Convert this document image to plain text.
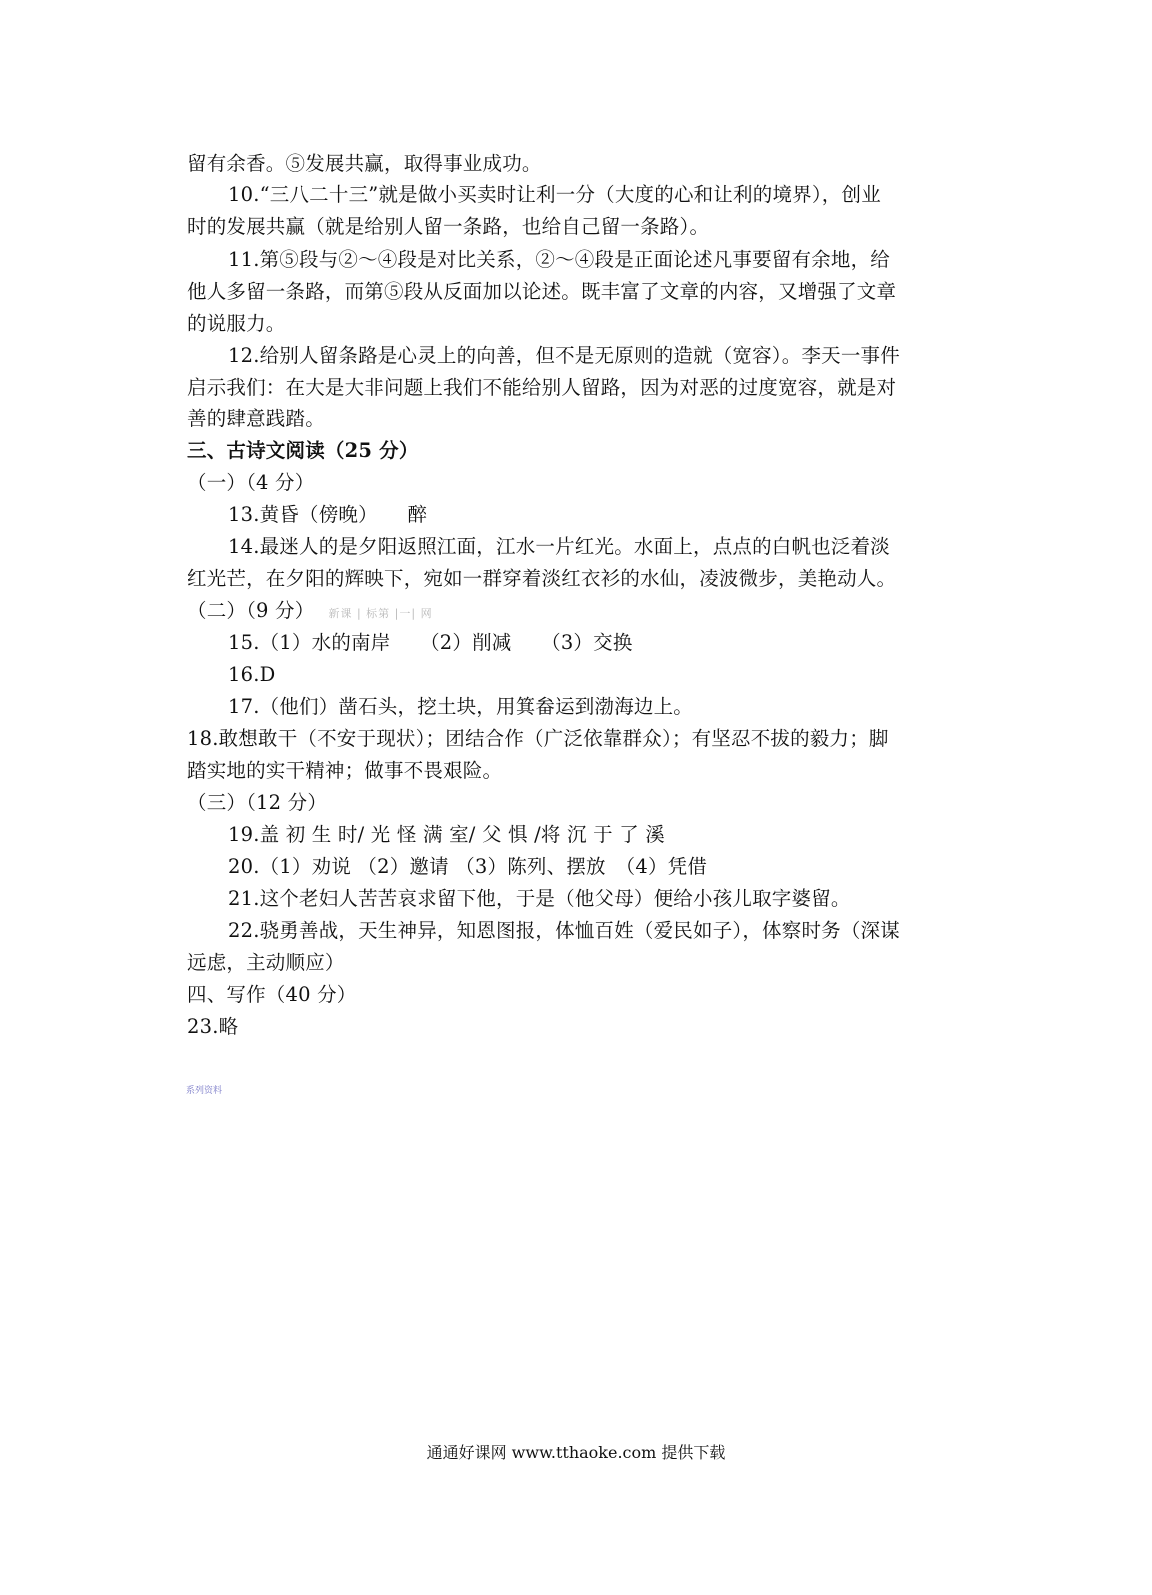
留有余香。⑤发展共赢，取得事业成功。
10.“三八二十三”就是做小买卖时让利一分（大度的心和让利的境界），创业
时的发展共赢（就是给别人留一条路，也给自己留一条路）。
11.第⑤段与②～④段是对比关系，②～④段是正面论述凡事要留有余地，给
他人多留一条路，而第⑤段从反面加以论述。既丰富了文章的内容，又增强了文章
的说服力。
12.给别人留条路是心灵上的向善，但不是无原则的造就（宽容）。李天一事件
启示我们：在大是大非问题上我们不能给别人留路，因为对恶的过度宽容，就是对
善的肆意践踏。
三、古诗文阅读（25 分）
（一）（4 分）
13.黄昏（傍晚）　　醉
14.最迷人的是夕阳返照江面，江水一片红光。水面上，点点的白帆也泛着淡
红光芒，在夕阳的辉映下，宛如一群穿着淡红衣衫的水仙，凌波微步，美艳动人。
（二）（9 分） 新课 | 标第 |一| 网
15.（1）水的南岸　　（2）削减　　（3）交换
16.D
17.（他们）凿石头，挖土块，用箕畚运到渤海边上。
18.敢想敢干（不安于现状）；团结合作（广泛依靠群众）；有坚忍不拔的毅力；脚
踏实地的实干精神；做事不畏艰险。
（三）（12 分）
19.盖 初 生 时/ 光 怪 满 室/ 父 惧 /将 沉 于 了 溪
20.（1）劝说 （2）邀请 （3）陈列、摆放　（4）凭借
21.这个老妇人苦苦哀求留下他，于是（他父母）便给小孩儿取字婆留。
22.骁勇善战，天生神异，知恩图报，体恤百姓（爱民如子），体察时务（深谋
远虑，主动顺应）
四、写作（40 分）
23.略
系列资料
通通好课网 www.tthaoke.com 提供下载
